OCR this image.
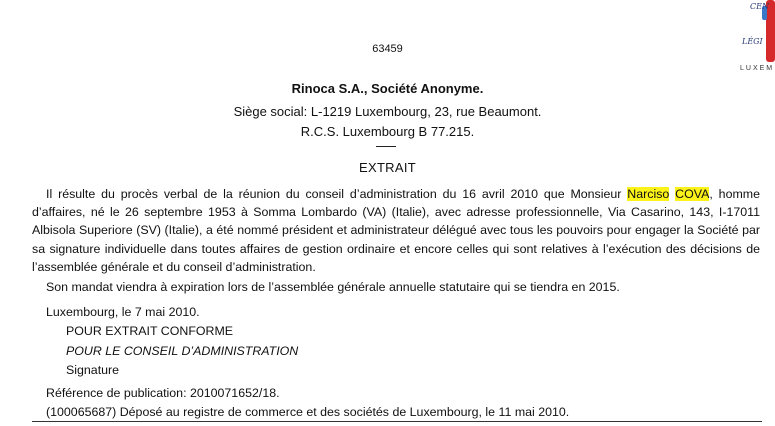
63459
Rinoca S.A., Société Anonyme.
Siège social: L-1219 Luxembourg, 23, rue Beaumont.
R.C.S. Luxembourg B 77.215.
EXTRAIT

Il résulte du procès verbal de la réunion du conseil d’administration du 16 avril 2010 que Monsieur Narciso COVA, homme d’affaires, né le 26 septembre 1953 à Somma Lombardo (VA) (Italie), avec adresse professionnelle, Via Casarino, 143, I-17011 Albisola Superiore (SV) (Italie), a été nommé président et administrateur délégué avec tous les pouvoirs pour engager la Société par sa signature individuelle dans toutes affaires de gestion ordinaire et encore celles qui sont relatives à l’exécution des décisions de l’assemblée générale et du conseil d’administration.

Son mandat viendra à expiration lors de l’assemblée générale annuelle statutaire qui se tiendra en 2015.
Luxembourg, le 7 mai 2010.
POUR EXTRAIT CONFORME
POUR LE CONSEIL D’ADMINISTRATION
Signature
Référence de publication: 2010071652/18.
(100065687) Déposé au registre de commerce et des sociétés de Luxembourg, le 11 mai 2010.
CEN
LÉGI
LUXEM
